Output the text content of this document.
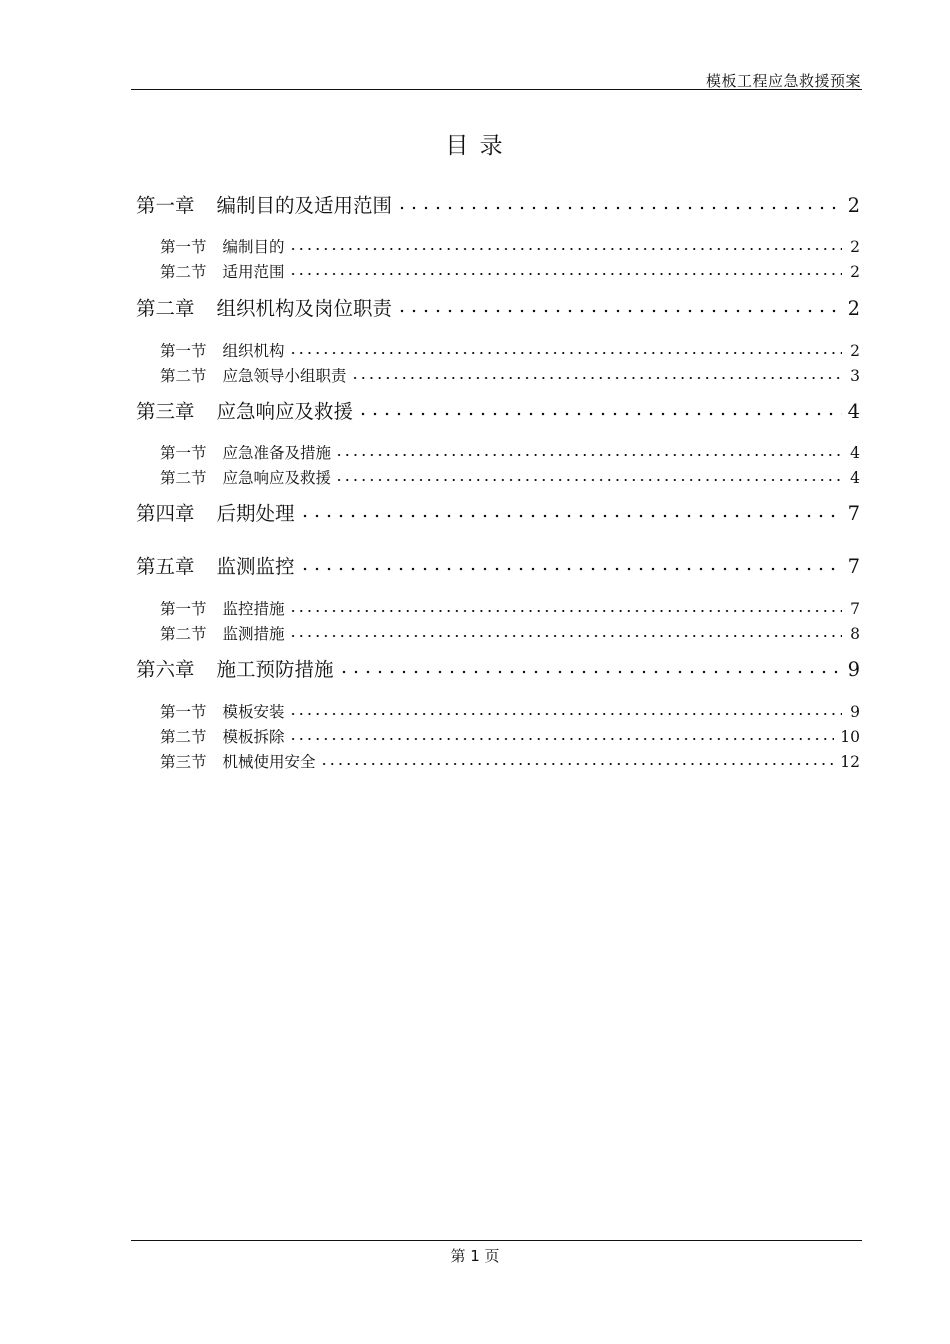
模板工程应急救援预案
目 录
第一章 编制目的及适用范围	2
第一节 编制目的	2
第二节 适用范围	2
第二章 组织机构及岗位职责	2
第一节 组织机构	2
第二节 应急领导小组职责	3
第三章 应急响应及救援	4
第一节 应急准备及措施	4
第二节 应急响应及救援	4
第四章 后期处理	7
第五章 监测监控	7
第一节 监控措施	7
第二节 监测措施	8
第六章 施工预防措施	9
第一节 模板安装	9
第二节 模板拆除	10
第三节 机械使用安全	12
第 1 页
